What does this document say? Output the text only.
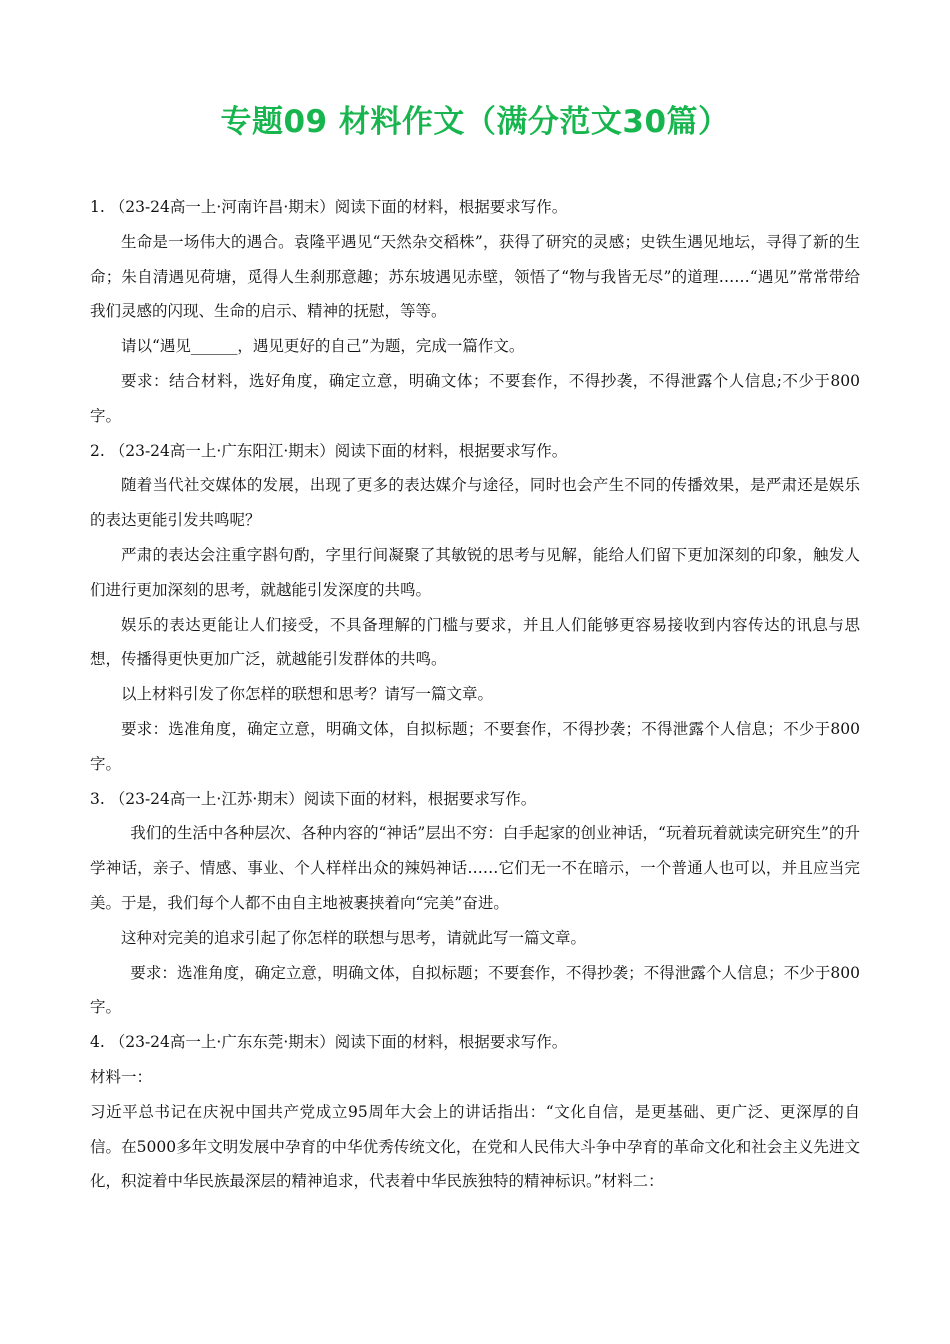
专题09 材料作文（满分范文30篇）

1. （23-24高一上·河南许昌·期末）阅读下面的材料，根据要求写作。

生命是一场伟大的遇合。袁隆平遇见“天然杂交稻株”，获得了研究的灵感；史铁生遇见地坛，寻得了新的生命；朱自清遇见荷塘，觅得人生刹那意趣；苏东坡遇见赤壁，领悟了“物与我皆无尽”的道理……“遇见”常常带给我们灵感的闪现、生命的启示、精神的抚慰，等等。

请以“遇见______，遇见更好的自己”为题，完成一篇作文。

要求：结合材料，选好角度，确定立意，明确文体；不要套作，不得抄袭，不得泄露个人信息;不少于800字。

2. （23-24高一上·广东阳江·期末）阅读下面的材料，根据要求写作。

随着当代社交媒体的发展，出现了更多的表达媒介与途径，同时也会产生不同的传播效果，是严肃还是娱乐的表达更能引发共鸣呢？

严肃的表达会注重字斟句酌，字里行间凝聚了其敏锐的思考与见解，能给人们留下更加深刻的印象，触发人们进行更加深刻的思考，就越能引发深度的共鸣。

娱乐的表达更能让人们接受，不具备理解的门槛与要求，并且人们能够更容易接收到内容传达的讯息与思想，传播得更快更加广泛，就越能引发群体的共鸣。

以上材料引发了你怎样的联想和思考？请写一篇文章。

要求：选准角度，确定立意，明确文体，自拟标题；不要套作，不得抄袭；不得泄露个人信息；不少于800字。

3. （23-24高一上·江苏·期末）阅读下面的材料，根据要求写作。

我们的生活中各种层次、各种内容的“神话”层出不穷：白手起家的创业神话，“玩着玩着就读完研究生”的升学神话，亲子、情感、事业、个人样样出众的辣妈神话……它们无一不在暗示，一个普通人也可以，并且应当完美。于是，我们每个人都不由自主地被裹挟着向“完美”奋进。

这种对完美的追求引起了你怎样的联想与思考，请就此写一篇文章。

要求：选准角度，确定立意，明确文体，自拟标题；不要套作，不得抄袭；不得泄露个人信息；不少于800字。

4. （23-24高一上·广东东莞·期末）阅读下面的材料，根据要求写作。

材料一：

习近平总书记在庆祝中国共产党成立95周年大会上的讲话指出：“文化自信，是更基础、更广泛、更深厚的自信。在5000多年文明发展中孕育的中华优秀传统文化，在党和人民伟大斗争中孕育的革命文化和社会主义先进文化，积淀着中华民族最深层的精神追求，代表着中华民族独特的精神标识。”材料二：
